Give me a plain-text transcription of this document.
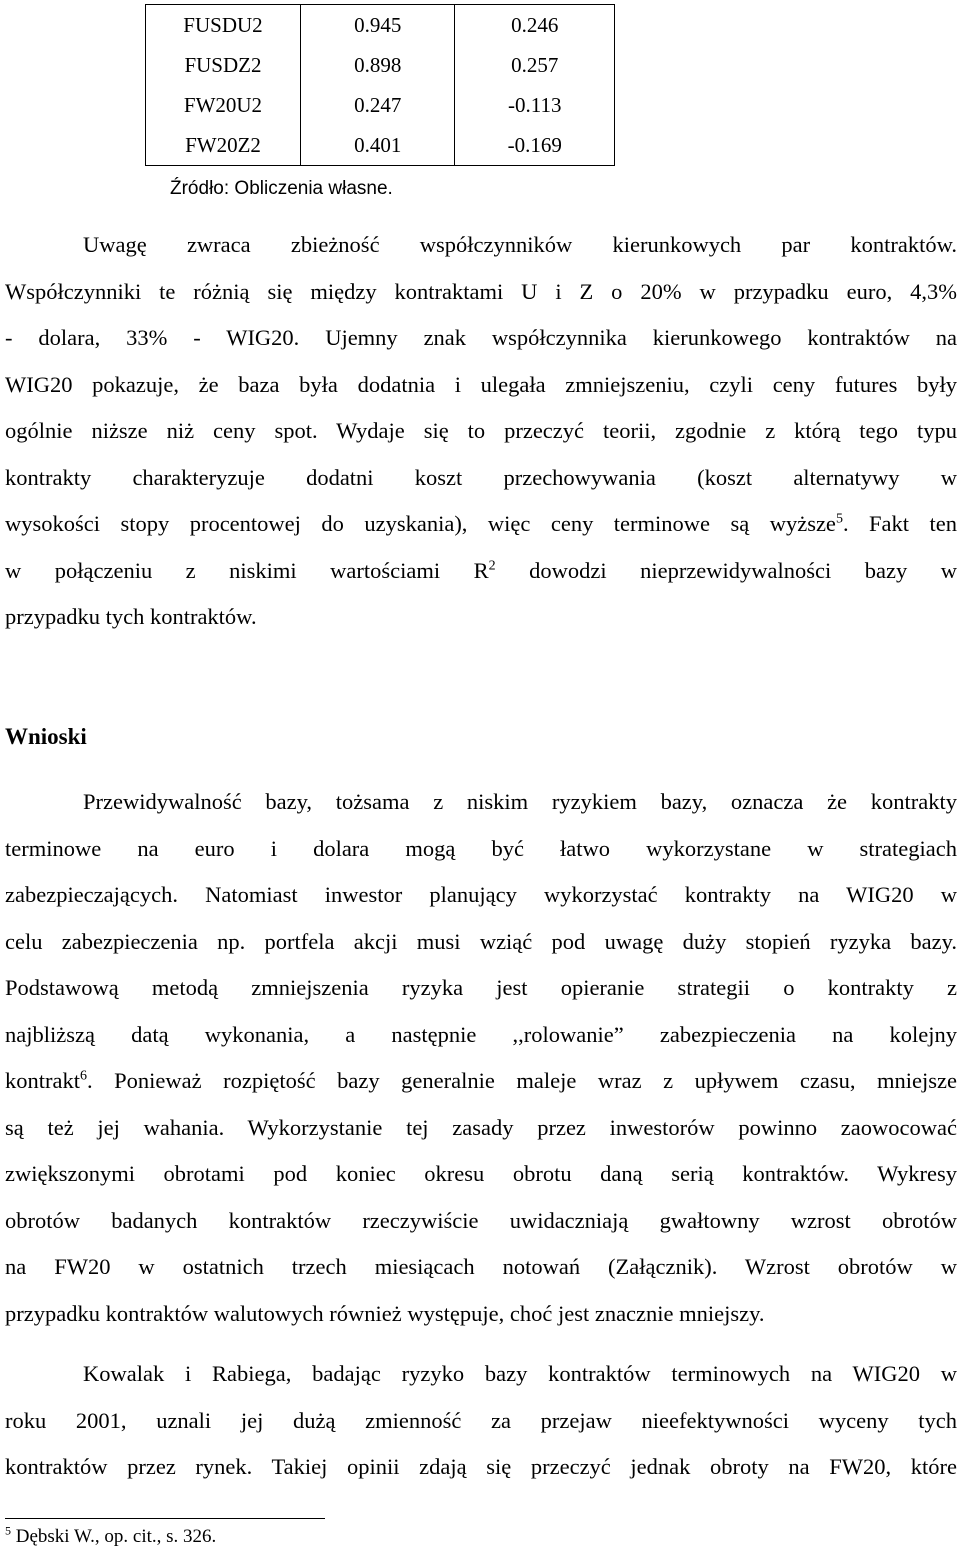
FUSDU2	0.945	0.246
FUSDZ2	0.898	0.257
FW20U2	0.247	-0.113
FW20Z2	0.401	-0.169
Źródło: Obliczenia własne.
Uwagę zwraca zbieżność współczynników kierunkowych par kontraktów.
Współczynniki te różnią się między kontraktami U i Z o 20% w przypadku euro, 4,3%
- dolara, 33% - WIG20. Ujemny znak współczynnika kierunkowego kontraktów na
WIG20 pokazuje, że baza była dodatnia i ulegała zmniejszeniu, czyli ceny futures były
ogólnie niższe niż ceny spot. Wydaje się to przeczyć teorii, zgodnie z którą tego typu
kontrakty charakteryzuje dodatni koszt przechowywania (koszt alternatywy w
wysokości stopy procentowej do uzyskania), więc ceny terminowe są wyższe$^5$. Fakt ten
w połączeniu z niskimi wartościami $R^2$ dowodzi nieprzewidywalności bazy w
przypadku tych kontraktów.
Wnioski
Przewidywalność bazy, tożsama z niskim ryzykiem bazy, oznacza że kontrakty
terminowe na euro i dolara mogą być łatwo wykorzystane w strategiach
zabezpieczających. Natomiast inwestor planujący wykorzystać kontrakty na WIG20 w
celu zabezpieczenia np. portfela akcji musi wziąć pod uwagę duży stopień ryzyka bazy.
Podstawową metodą zmniejszenia ryzyka jest opieranie strategii o kontrakty z
najbliższą datą wykonania, a następnie ,,rolowanie” zabezpieczenia na kolejny
kontrakt$^6$. Ponieważ rozpiętość bazy generalnie maleje wraz z upływem czasu, mniejsze
są też jej wahania. Wykorzystanie tej zasady przez inwestorów powinno zaowocować
zwiększonymi obrotami pod koniec okresu obrotu daną serią kontraktów. Wykresy
obrotów badanych kontraktów rzeczywiście uwidaczniają gwałtowny wzrost obrotów
na FW20 w ostatnich trzech miesiącach notowań (Załącznik). Wzrost obrotów w
przypadku kontraktów walutowych również występuje, choć jest znacznie mniejszy.
Kowalak i Rabiega, badając ryzyko bazy kontraktów terminowych na WIG20 w
roku 2001, uznali jej dużą zmienność za przejaw nieefektywności wyceny tych
kontraktów przez rynek. Takiej opinii zdają się przeczyć jednak obroty na FW20, które
$^5$ Dębski W., op. cit., s. 326.
